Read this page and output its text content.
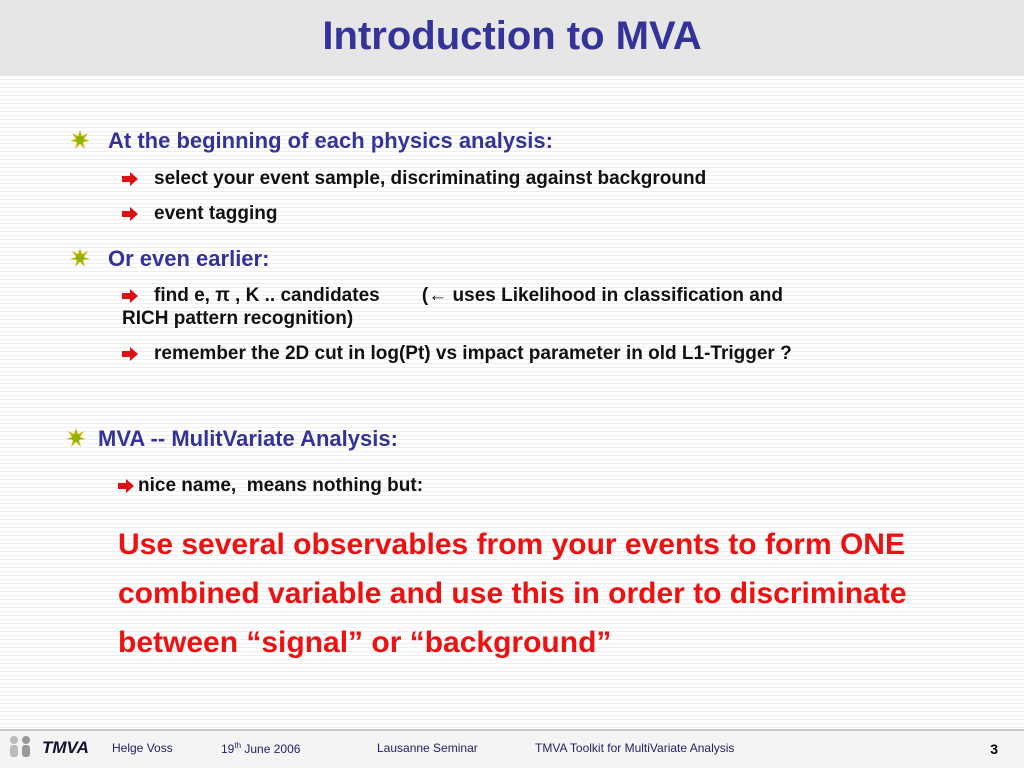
Introduction to MVA
At the beginning of each physics analysis:
select your event sample, discriminating against background
event tagging
Or even earlier:
find e, π , K .. candidates        (← uses Likelihood in classification and
RICH pattern recognition)
remember the 2D cut in log(Pt) vs impact parameter in old L1-Trigger ?
MVA -- MulitVariate Analysis:
nice name,  means nothing but:
Use several observables from your events to form ONE combined variable and use this in order to discriminate between “signal” or “background”
Helge Voss	19th June 2006	Lausanne Seminar	TMVA Toolkit for MultiVariate Analysis
TMVA	3
